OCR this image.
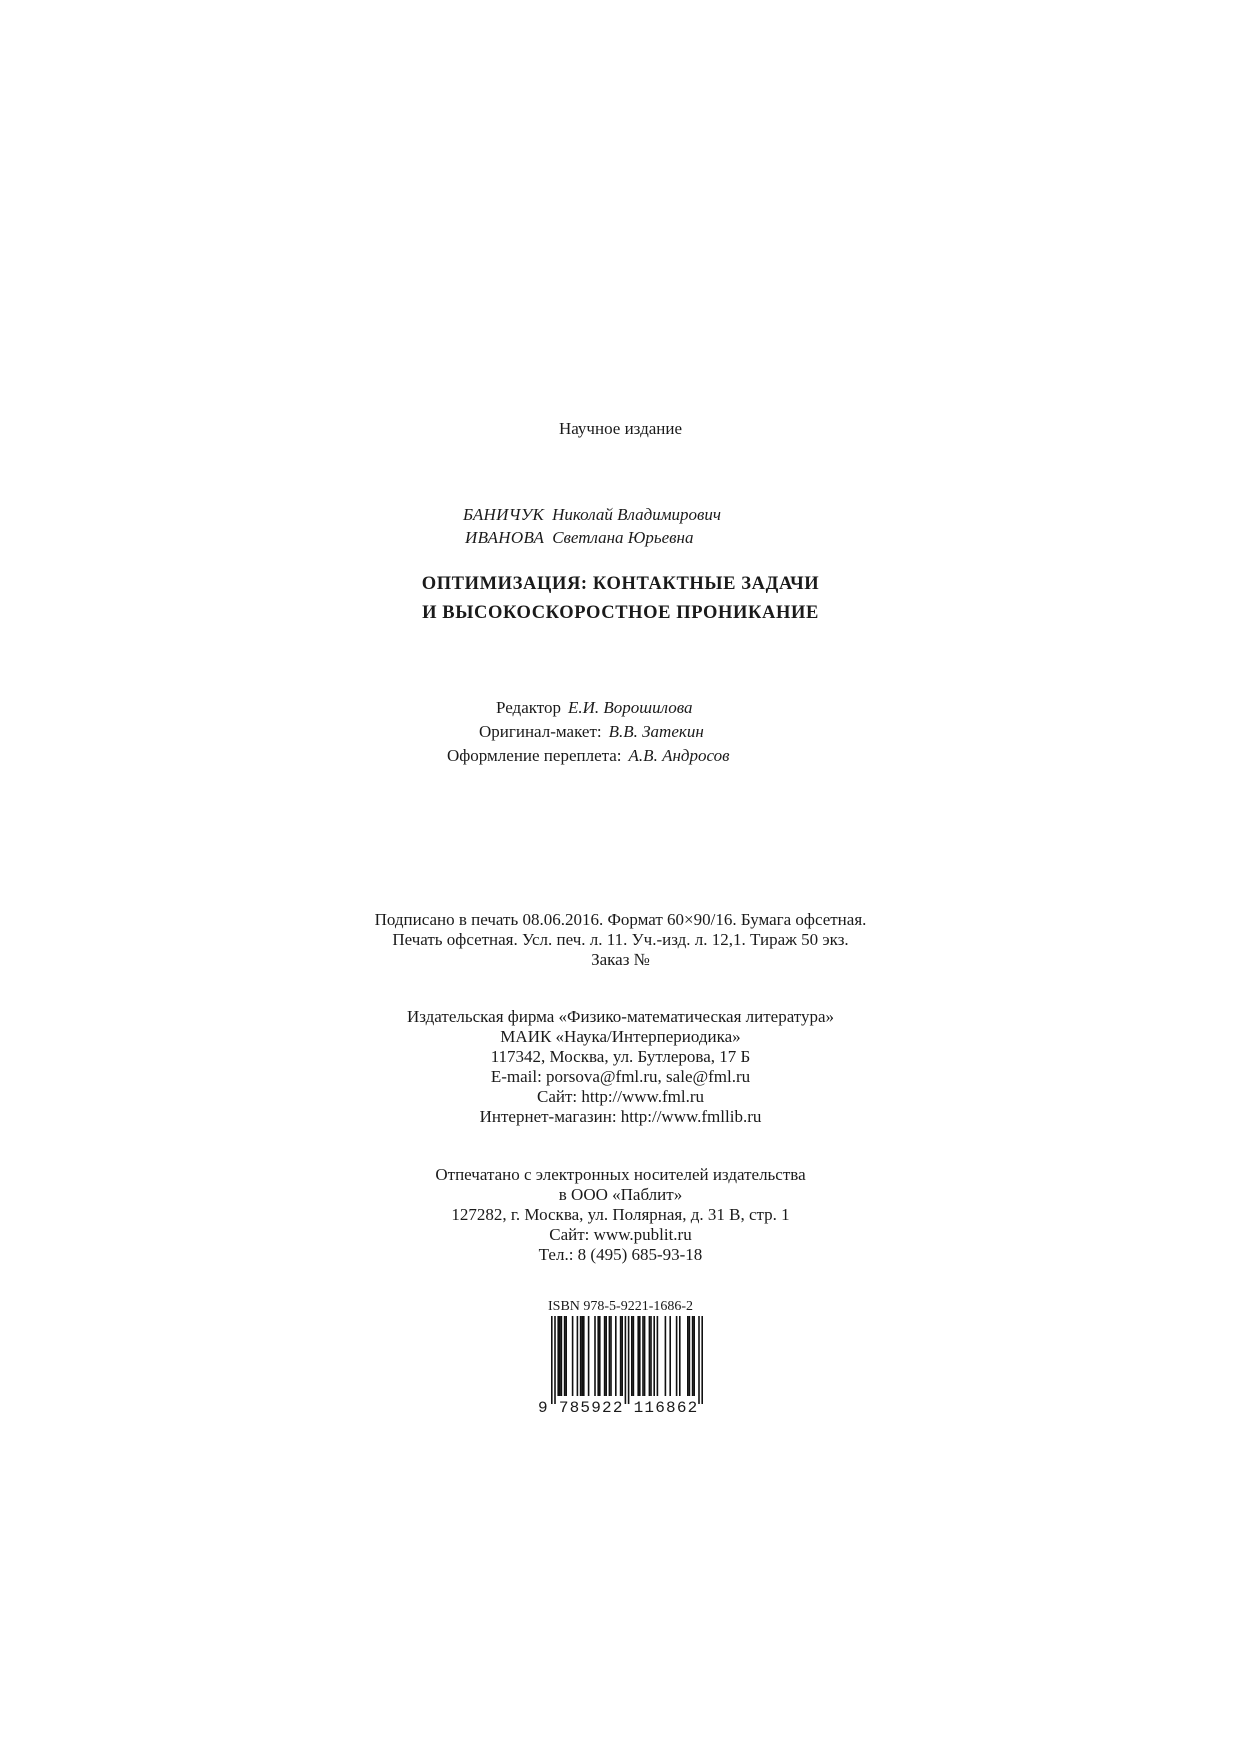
Научное издание
БАНИЧУК Николай Владимирович
ИВАНОВА Светлана Юрьевна
ОПТИМИЗАЦИЯ: КОНТАКТНЫЕ ЗАДАЧИ
И ВЫСОКОСКОРОСТНОЕ ПРОНИКАНИЕ
Редактор Е.И. Ворошилова
Оригинал-макет: В.В. Затекин
Оформление переплета: А.В. Андросов
Подписано в печать 08.06.2016. Формат 60×90/16. Бумага офсетная.
Печать офсетная. Усл. печ. л. 11. Уч.-изд. л. 12,1. Тираж 50 экз.
Заказ №
Издательская фирма «Физико-математическая литература»
МАИК «Наука/Интерпериодика»
117342, Москва, ул. Бутлерова, 17 Б
E-mail: porsova@fml.ru, sale@fml.ru
Сайт: http://www.fml.ru
Интернет-магазин: http://www.fmllib.ru
Отпечатано с электронных носителей издательства
в ООО «Паблит»
127282, г. Москва, ул. Полярная, д. 31 В, стр. 1
Сайт: www.publit.ru
Тел.: 8 (495) 685-93-18
ISBN 978-5-9221-1686-2
9 785922 116862
